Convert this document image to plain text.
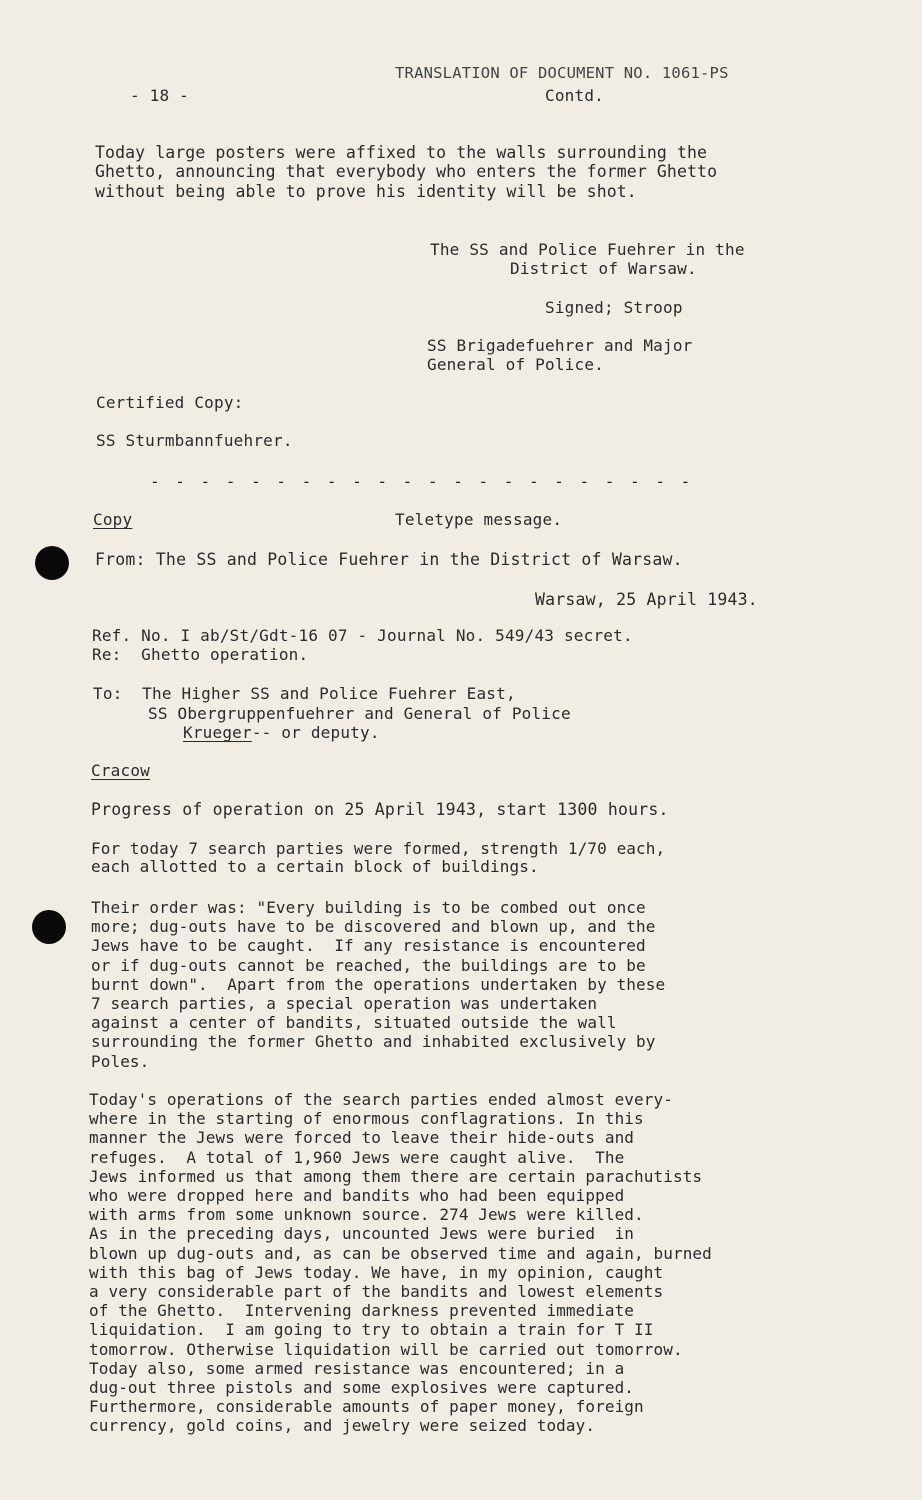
- 18 -
TRANSLATION OF DOCUMENT NO. 1061-PS
Contd.
Today large posters were affixed to the walls surrounding the
Ghetto, announcing that everybody who enters the former Ghetto
without being able to prove his identity will be shot.
The SS and Police Fuehrer in the
District of Warsaw.
Signed; Stroop
SS Brigadefuehrer and Major
General of Police.
Certified Copy:
SS Sturmbannfuehrer.
- - - - - - - - - - - - - - - - - - - - - -
Copy	Teletype message.
From: The SS and Police Fuehrer in the District of Warsaw.
Warsaw, 25 April 1943.
Ref. No. I ab/St/Gdt-16 07 - Journal No. 549/43 secret.
Re:  Ghetto operation.
To:  The Higher SS and Police Fuehrer East,
SS Obergruppenfuehrer and General of Police
Krueger-- or deputy.
Cracow
Progress of operation on 25 April 1943, start 1300 hours.
For today 7 search parties were formed, strength 1/70 each,
each allotted to a certain block of buildings.
Their order was: "Every building is to be combed out once
more; dug-outs have to be discovered and blown up, and the
Jews have to be caught.  If any resistance is encountered
or if dug-outs cannot be reached, the buildings are to be
burnt down".  Apart from the operations undertaken by these
7 search parties, a special operation was undertaken
against a center of bandits, situated outside the wall
surrounding the former Ghetto and inhabited exclusively by
Poles.
Today's operations of the search parties ended almost every-
where in the starting of enormous conflagrations. In this
manner the Jews were forced to leave their hide-outs and
refuges.  A total of 1,960 Jews were caught alive.  The
Jews informed us that among them there are certain parachutists
who were dropped here and bandits who had been equipped
with arms from some unknown source. 274 Jews were killed.
As in the preceding days, uncounted Jews were buried  in
blown up dug-outs and, as can be observed time and again, burned
with this bag of Jews today. We have, in my opinion, caught
a very considerable part of the bandits and lowest elements
of the Ghetto.  Intervening darkness prevented immediate
liquidation.  I am going to try to obtain a train for T II
tomorrow. Otherwise liquidation will be carried out tomorrow.
Today also, some armed resistance was encountered; in a
dug-out three pistols and some explosives were captured.
Furthermore, considerable amounts of paper money, foreign
currency, gold coins, and jewelry were seized today.
